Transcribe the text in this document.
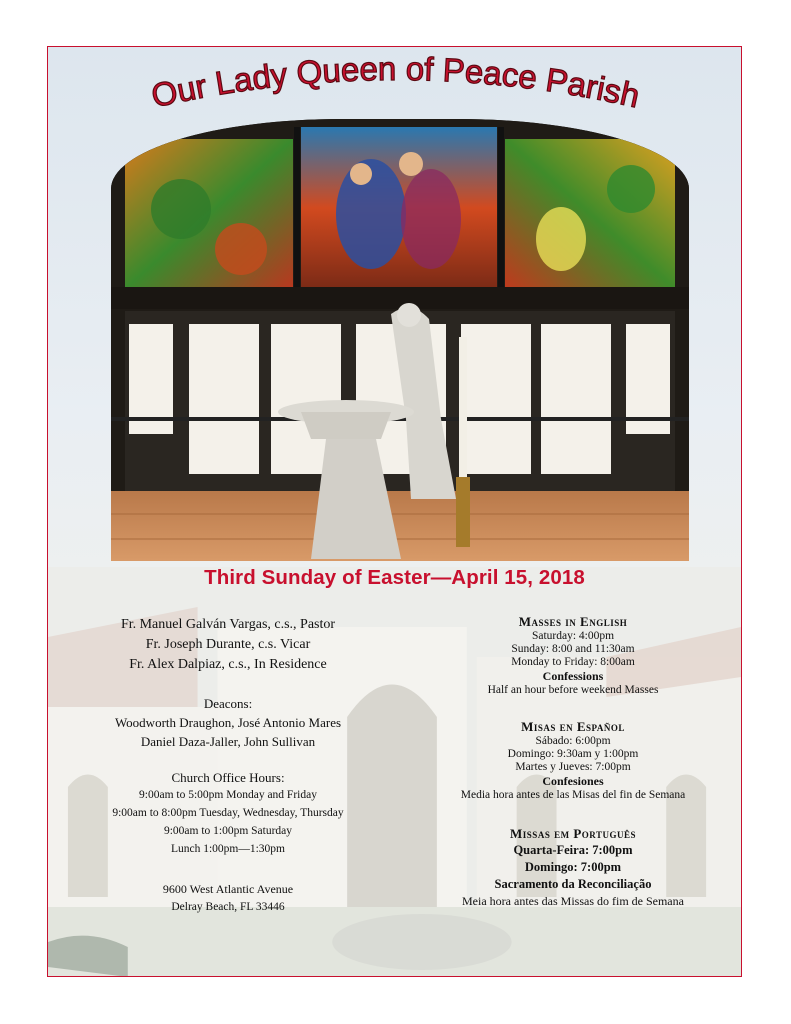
Our Lady Queen of Peace Parish
Third Sunday of Easter—April 15, 2018
Fr. Manuel Galván Vargas, c.s., Pastor
Fr. Joseph Durante, c.s. Vicar
Fr. Alex Dalpiaz, c.s., In Residence
Deacons:
Woodworth Draughon, José Antonio Mares
Daniel Daza-Jaller, John Sullivan
Church Office Hours:
9:00am to 5:00pm Monday and Friday
9:00am to 8:00pm Tuesday, Wednesday, Thursday
9:00am to 1:00pm Saturday
Lunch 1:00pm—1:30pm
9600 West Atlantic Avenue
Delray Beach, FL 33446
Masses in English
Saturday: 4:00pm
Sunday: 8:00 and 11:30am
Monday to Friday: 8:00am
Confessions
Half an hour before weekend Masses
Misas en Español
Sábado: 6:00pm
Domingo: 9:30am y 1:00pm
Martes y Jueves: 7:00pm
Confesiones
Media hora antes de las Misas del fin de Semana
Missas em Português
Quarta-Feira: 7:00pm
Domingo: 7:00pm
Sacramento da Reconciliação
Meia hora antes das Missas do fim de Semana
